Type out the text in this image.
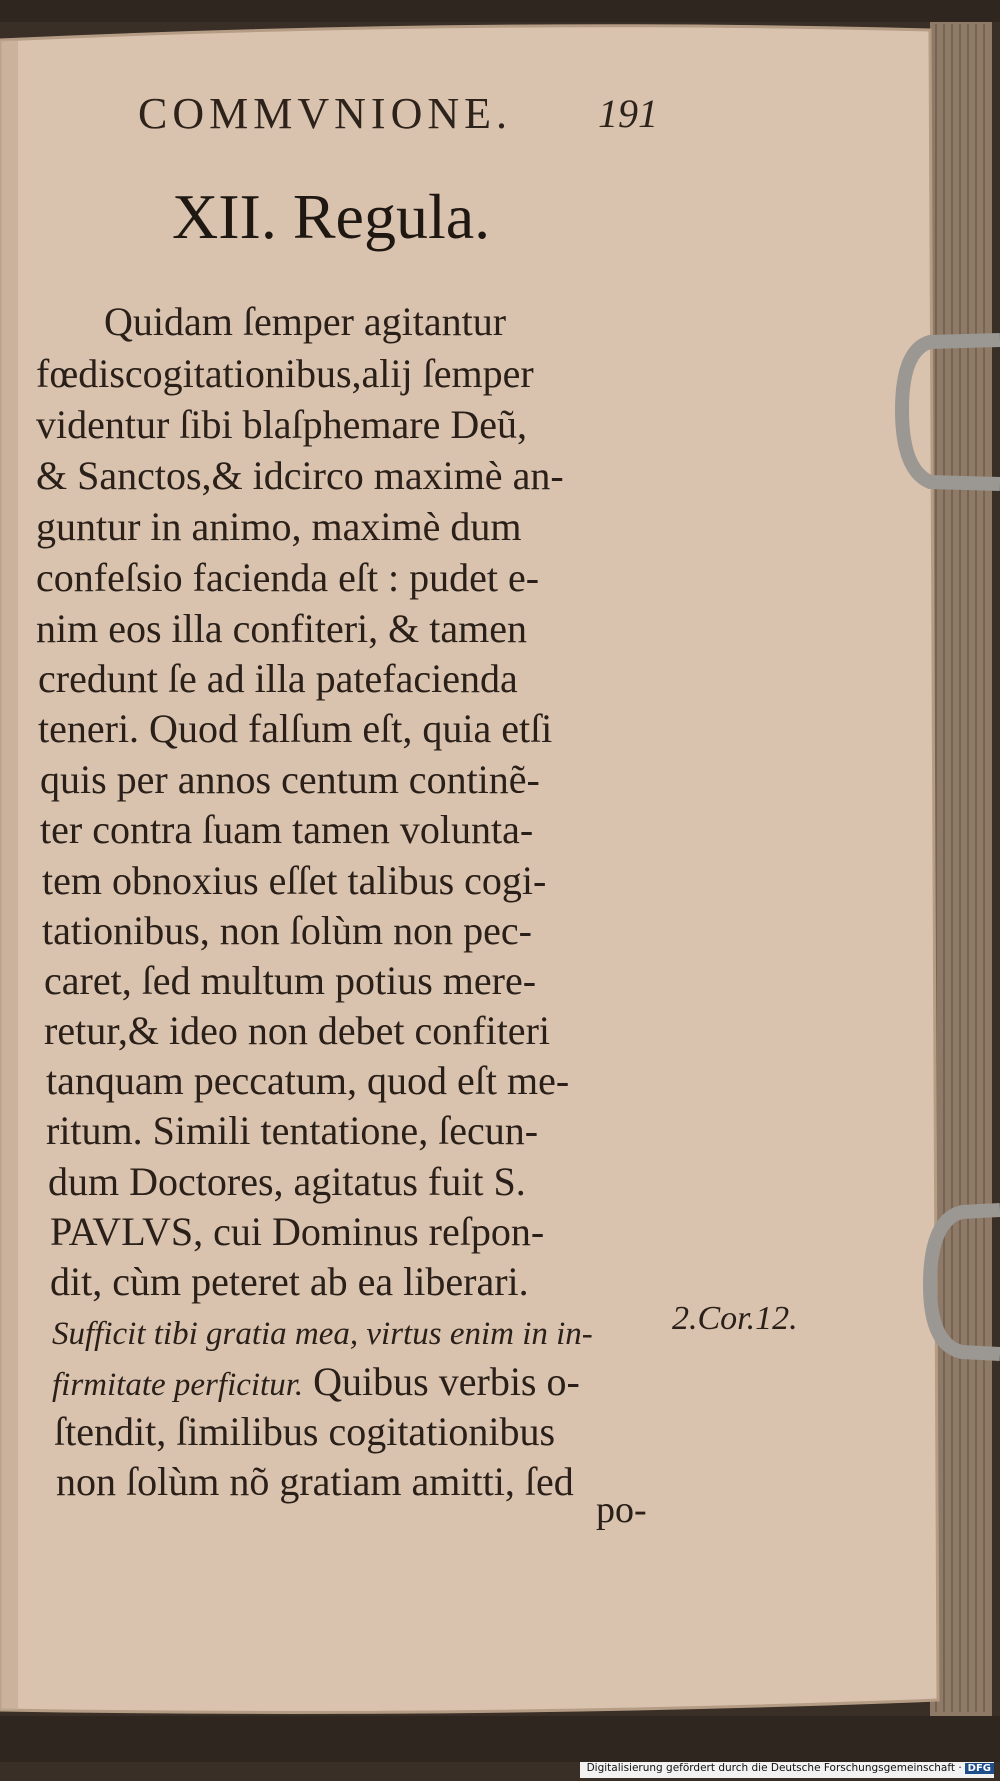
COMMVNIONE. 191
XII. Regula.
Quidam ſemper agitantur
fœdiscogitationibus,alij ſemper
videntur ſibi blaſphemare Deũ,
& Sanctos,& idcirco maximè an-
guntur in animo, maximè dum
confeſsio facienda eſt : pudet e-
nim eos illa confiteri, & tamen
credunt ſe ad illa patefacienda
teneri. Quod falſum eſt, quia etſi
quis per annos centum continẽ-
ter contra ſuam tamen volunta-
tem obnoxius eſſet talibus cogi-
tationibus, non ſolùm non pec-
caret, ſed multum potius mere-
retur,& ideo non debet confiteri
tanquam peccatum, quod eſt me-
ritum. Simili tentatione, ſecun-
dum Doctores, agitatus fuit S.
PAVLVS, cui Dominus reſpon-
dit, cùm peteret ab ea liberari.
Sufficit tibi gratia mea, virtus enim in in-
firmitate perficitur. Quibus verbis o-
ſtendit, ſimilibus cogitationibus
non ſolùm nõ gratiam amitti, ſed
2.Cor.12.
po-
Digitalisierung gefördert durch die Deutsche Forschungsgemeinschaft · DFG
